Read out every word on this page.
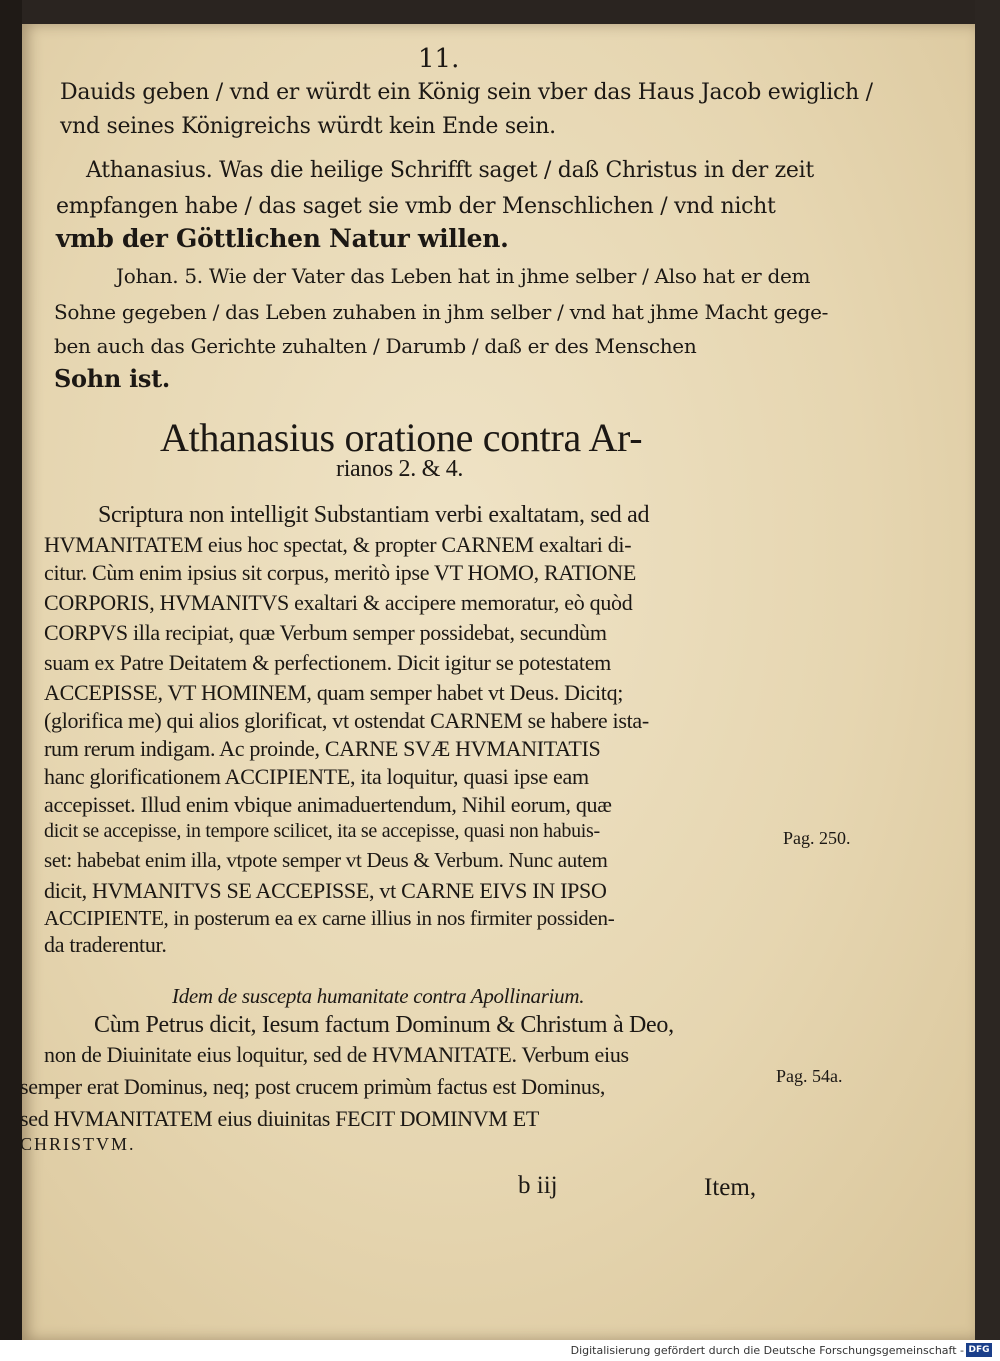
11.
Dauids geben / vnd er würdt ein König sein vber das Haus Jacob ewiglich /
vnd seines Königreichs würdt kein Ende sein.
Athanasius. Was die heilige Schrifft saget / daß Christus in der zeit
empfangen habe / das saget sie vmb der Menschlichen / vnd nicht
vmb der Göttlichen Natur willen.
Johan. 5. Wie der Vater das Leben hat in jhme selber / Also hat er dem
Sohne gegeben / das Leben zuhaben in jhm selber / vnd hat jhme Macht gege-
ben auch das Gerichte zuhalten / Darumb / daß er des Menschen
Sohn ist.
Athanasius oratione contra Ar-
rianos 2. & 4.
Scriptura non intelligit Substantiam verbi exaltatam, sed ad
HVMANITATEM eius hoc spectat, & propter CARNEM exaltari di-
citur. Cùm enim ipsius sit corpus, meritò ipse VT HOMO, RATIONE
CORPORIS, HVMANITVS exaltari & accipere memoratur, eò quòd
CORPVS illa recipiat, quæ Verbum semper possidebat, secundùm
suam ex Patre Deitatem & perfectionem. Dicit igitur se potestatem
ACCEPISSE, VT HOMINEM, quam semper habet vt Deus. Dicitq;
(glorifica me) qui alios glorificat, vt ostendat CARNEM se habere ista-
rum rerum indigam. Ac proinde, CARNE SVÆ HVMANITATIS
hanc glorificationem ACCIPIENTE, ita loquitur, quasi ipse eam
accepisset. Illud enim vbique animaduertendum, Nihil eorum, quæ
dicit se accepisse, in tempore scilicet, ita se accepisse, quasi non habuis-
set: habebat enim illa, vtpote semper vt Deus & Verbum. Nunc autem
dicit, HVMANITVS SE ACCEPISSE, vt CARNE EIVS IN IPSO
ACCIPIENTE, in posterum ea ex carne illius in nos firmiter possiden-
da traderentur.
Pag. 250.
Idem de suscepta humanitate contra Apollinarium.
Cùm Petrus dicit, Iesum factum Dominum & Christum à Deo,
non de Diuinitate eius loquitur, sed de HVMANITATE. Verbum eius
semper erat Dominus, neq; post crucem primùm factus est Dominus,
sed HVMANITATEM eius diuinitas FECIT DOMINVM ET
CHRISTVM.
Pag. 54a.
b iij	Item,
Digitalisierung gefördert durch die Deutsche Forschungsgemeinschaft - DFG
